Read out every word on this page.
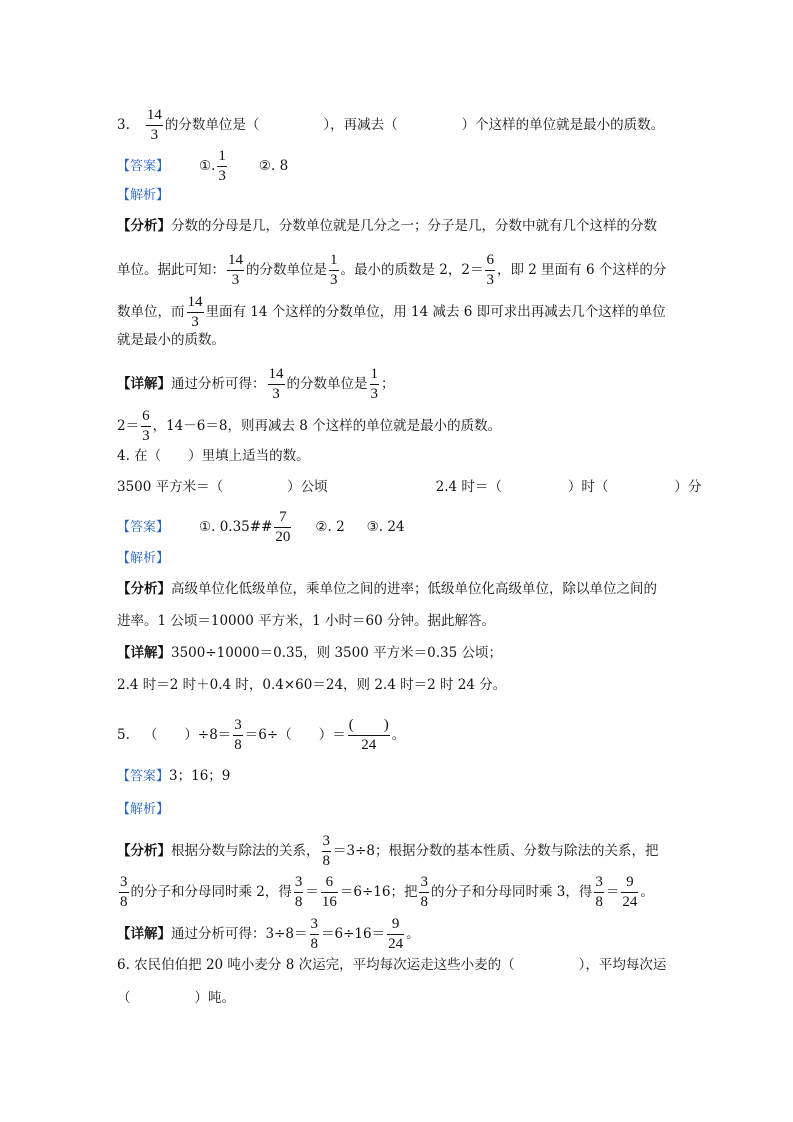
3. $\frac{14}{3}$ 的分数单位是（	），再减去（	）个这样的单位就是最小的质数。
【答案】 ①. $\frac{1}{3}$ ②. 8
【解析】
【分析】分数的分母是几，分数单位就是几分之一；分子是几，分数中就有几个这样的分数
单位。据此可知： $\frac{14}{3}$ 的分数单位是 $\frac{1}{3}$ 。最小的质数是 2，$2= \frac{6}{3}$ ，即 2 里面有 6 个这样的分
数单位，而 $\frac{14}{3}$ 里面有 14 个这样的分数单位，用 14 减去 6 即可求出再减去几个这样的单位
就是最小的质数。
【详解】通过分析可得： $\frac{14}{3}$ 的分数单位是 $\frac{1}{3}$ ；
$2= \frac{6}{3}$ ，14－6＝8，则再减去 8 个这样的单位就是最小的质数。
4. 在（　　）里填上适当的数。
3500 平方米＝（	）公顷	2.4 时＝（	）时（	）分
【答案】 ①. 0.35## $\frac{7}{20}$ ②. 2 ③. 24
【解析】
【分析】高级单位化低级单位，乘单位之间的进率；低级单位化高级单位，除以单位之间的
进率。1 公顷＝10000 平方米，1 小时＝60 分钟。据此解答。
【详解】3500÷10000＝0.35，则 3500 平方米＝0.35 公顷；
2.4 时＝2 时＋0.4 时，0.4×60＝24，则 2.4 时＝2 时 24 分。
5. （　　）$\div 8= \frac{3}{8} =6\div$（　　）＝ $\frac{( )}{24}$ 。
【答案】3；16；9
【解析】
【分析】根据分数与除法的关系， $\frac{3}{8} =3\div 8$；根据分数的基本性质、分数与除法的关系，把
$\frac{3}{8}$ 的分子和分母同时乘 2，得 $\frac{3}{8} = \frac{6}{16} =6\div 16$；把 $\frac{3}{8}$ 的分子和分母同时乘 3，得 $\frac{3}{8} = \frac{9}{24}$ 。
【详解】通过分析可得：$3\div 8= \frac{3}{8} =6\div 16= \frac{9}{24}$ 。
6. 农民伯伯把 20 吨小麦分 8 次运完，平均每次运走这些小麦的（	），平均每次运
（	）吨。
